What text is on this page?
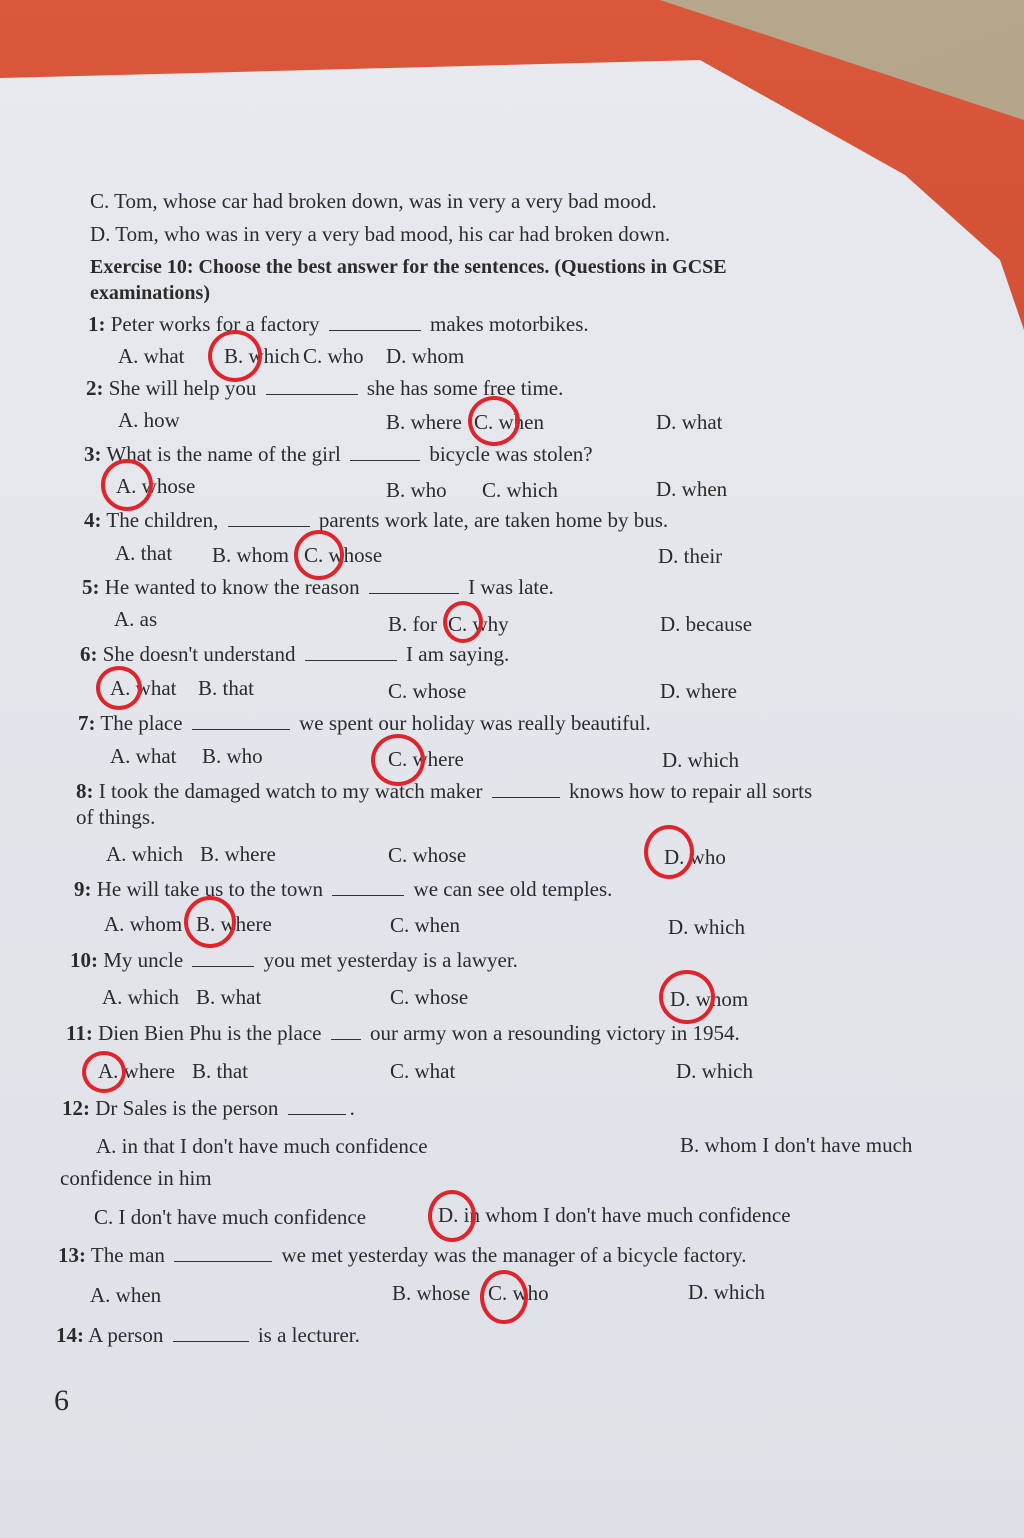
C. Tom, whose car had broken down, was in very a very bad mood.
D. Tom, who was in very a very bad mood, his car had broken down.
Exercise 10: Choose the best answer for the sentences. (Questions in GCSE
examinations)
1: Peter works for a factory	makes motorbikes.
A. what B. which C. who D. whom
2: She will help you	she has some free time.
A. how	B. where C. when	D. what
3: What is the name of the girl	bicycle was stolen?
A. whose	B. who C. which	D. when
4: The children,	parents work late, are taken home by bus.
A. that B. whom C. whose	D. their
5: He wanted to know the reason	I was late.
A. as	B. for C. why	D. because
6: She doesn't understand	I am saying.
A. what B. that	C. whose	D. where
7: The place	we spent our holiday was really beautiful.
A. what B. who	C. where	D. which
8: I took the damaged watch to my watch maker	knows how to repair all sorts
of things.
A. which B. where	C. whose	D. who
9: He will take us to the town	we can see old temples.
A. whom B. where	C. when	D. which
10: My uncle	you met yesterday is a lawyer.
A. which B. what	C. whose	D. whom
11: Dien Bien Phu is the place our army won a resounding victory in 1954.
A. where B. that	C. what	D. which
12: Dr Sales is the person	.
A. in that I don't have much confidence	B. whom I don't have much
confidence in him
C. I don't have much confidence	D. in whom I don't have much confidence
13: The man	we met yesterday was the manager of a bicycle factory.
A. when	B. whose C. who	D. which
14: A person	is a lecturer.
6
